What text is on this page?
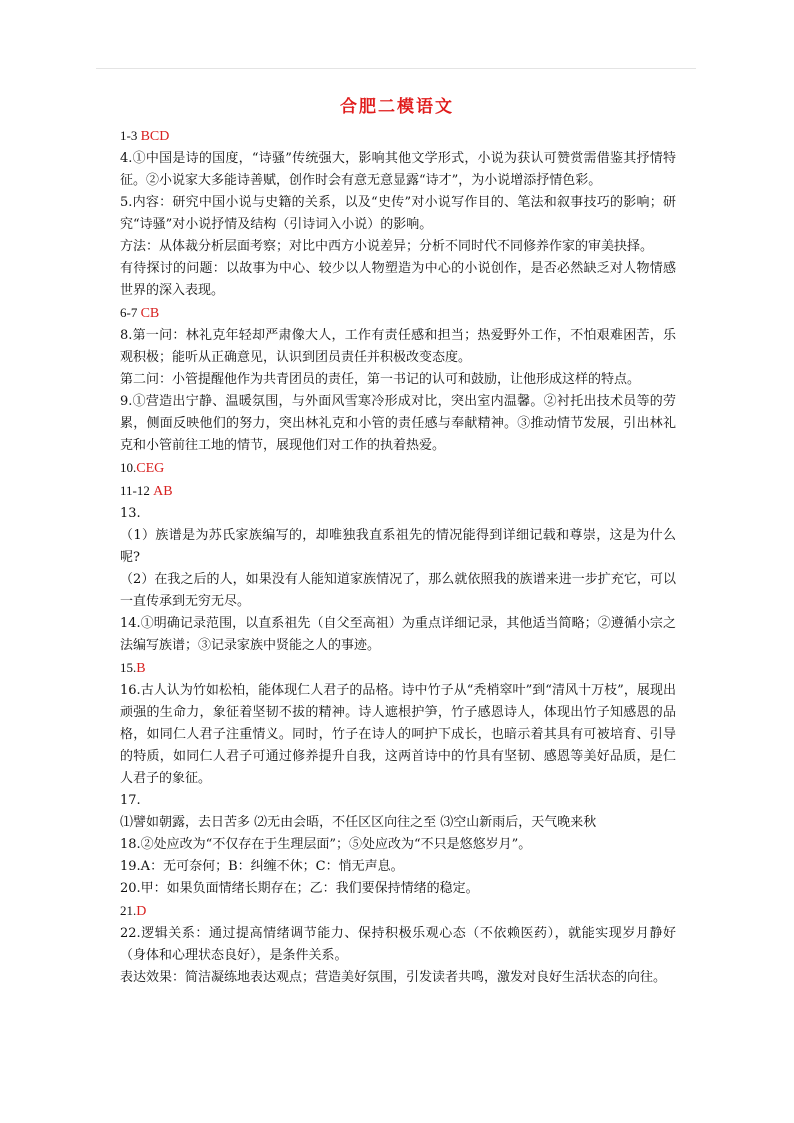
合肥二模语文

1-3 BCD

4.①中国是诗的国度，“诗骚”传统强大，影响其他文学形式，小说为获认可赞赏需借鉴其抒情特征。②小说家大多能诗善赋，创作时会有意无意显露“诗才”，为小说增添抒情色彩。

5.内容：研究中国小说与史籍的关系，以及“史传”对小说写作目的、笔法和叙事技巧的影响；研究“诗骚”对小说抒情及结构（引诗词入小说）的影响。

方法：从体裁分析层面考察；对比中西方小说差异；分析不同时代不同修养作家的审美抉择。

有待探讨的问题：以故事为中心、较少以人物塑造为中心的小说创作，是否必然缺乏对人物情感世界的深入表现。

6-7 CB

8.第一问：林礼克年轻却严肃像大人，工作有责任感和担当；热爱野外工作，不怕艰难困苦，乐观积极；能听从正确意见，认识到团员责任并积极改变态度。

第二问：小管提醒他作为共青团员的责任，第一书记的认可和鼓励，让他形成这样的特点。

9.①营造出宁静、温暖氛围，与外面风雪寒冷形成对比，突出室内温馨。②衬托出技术员等的劳累，侧面反映他们的努力，突出林礼克和小管的责任感与奉献精神。③推动情节发展，引出林礼克和小管前往工地的情节，展现他们对工作的执着热爱。

10.CEG

11-12 AB

13.

（1）族谱是为苏氏家族编写的，却唯独我直系祖先的情况能得到详细记载和尊崇，这是为什么呢?

（2）在我之后的人，如果没有人能知道家族情况了，那么就依照我的族谱来进一步扩充它，可以一直传承到无穷无尽。

14.①明确记录范围，以直系祖先（自父至高祖）为重点详细记录，其他适当简略；②遵循小宗之法编写族谱；③记录家族中贤能之人的事迹。

15.B

16.古人认为竹如松柏，能体现仁人君子的品格。诗中竹子从“秃梢窣叶”到“清风十万枝”，展现出顽强的生命力，象征着坚韧不拔的精神。诗人遮根护笋，竹子感恩诗人，体现出竹子知感恩的品格，如同仁人君子注重情义。同时，竹子在诗人的呵护下成长，也暗示着其具有可被培育、引导的特质，如同仁人君子可通过修养提升自我，这两首诗中的竹具有坚韧、感恩等美好品质，是仁人君子的象征。

17.

⑴譬如朝露，去日苦多 ⑵无由会晤，不任区区向往之至 ⑶空山新雨后，天气晚来秋

18.②处应改为“不仅存在于生理层面”；⑤处应改为“不只是悠悠岁月”。

19.A：无可奈何；B：纠缠不休；C：悄无声息。

20.甲：如果负面情绪长期存在；乙：我们要保持情绪的稳定。

21.D

22.逻辑关系：通过提高情绪调节能力、保持积极乐观心态（不依赖医药），就能实现岁月静好（身体和心理状态良好），是条件关系。

表达效果：简洁凝练地表达观点；营造美好氛围，引发读者共鸣，激发对良好生活状态的向往。
